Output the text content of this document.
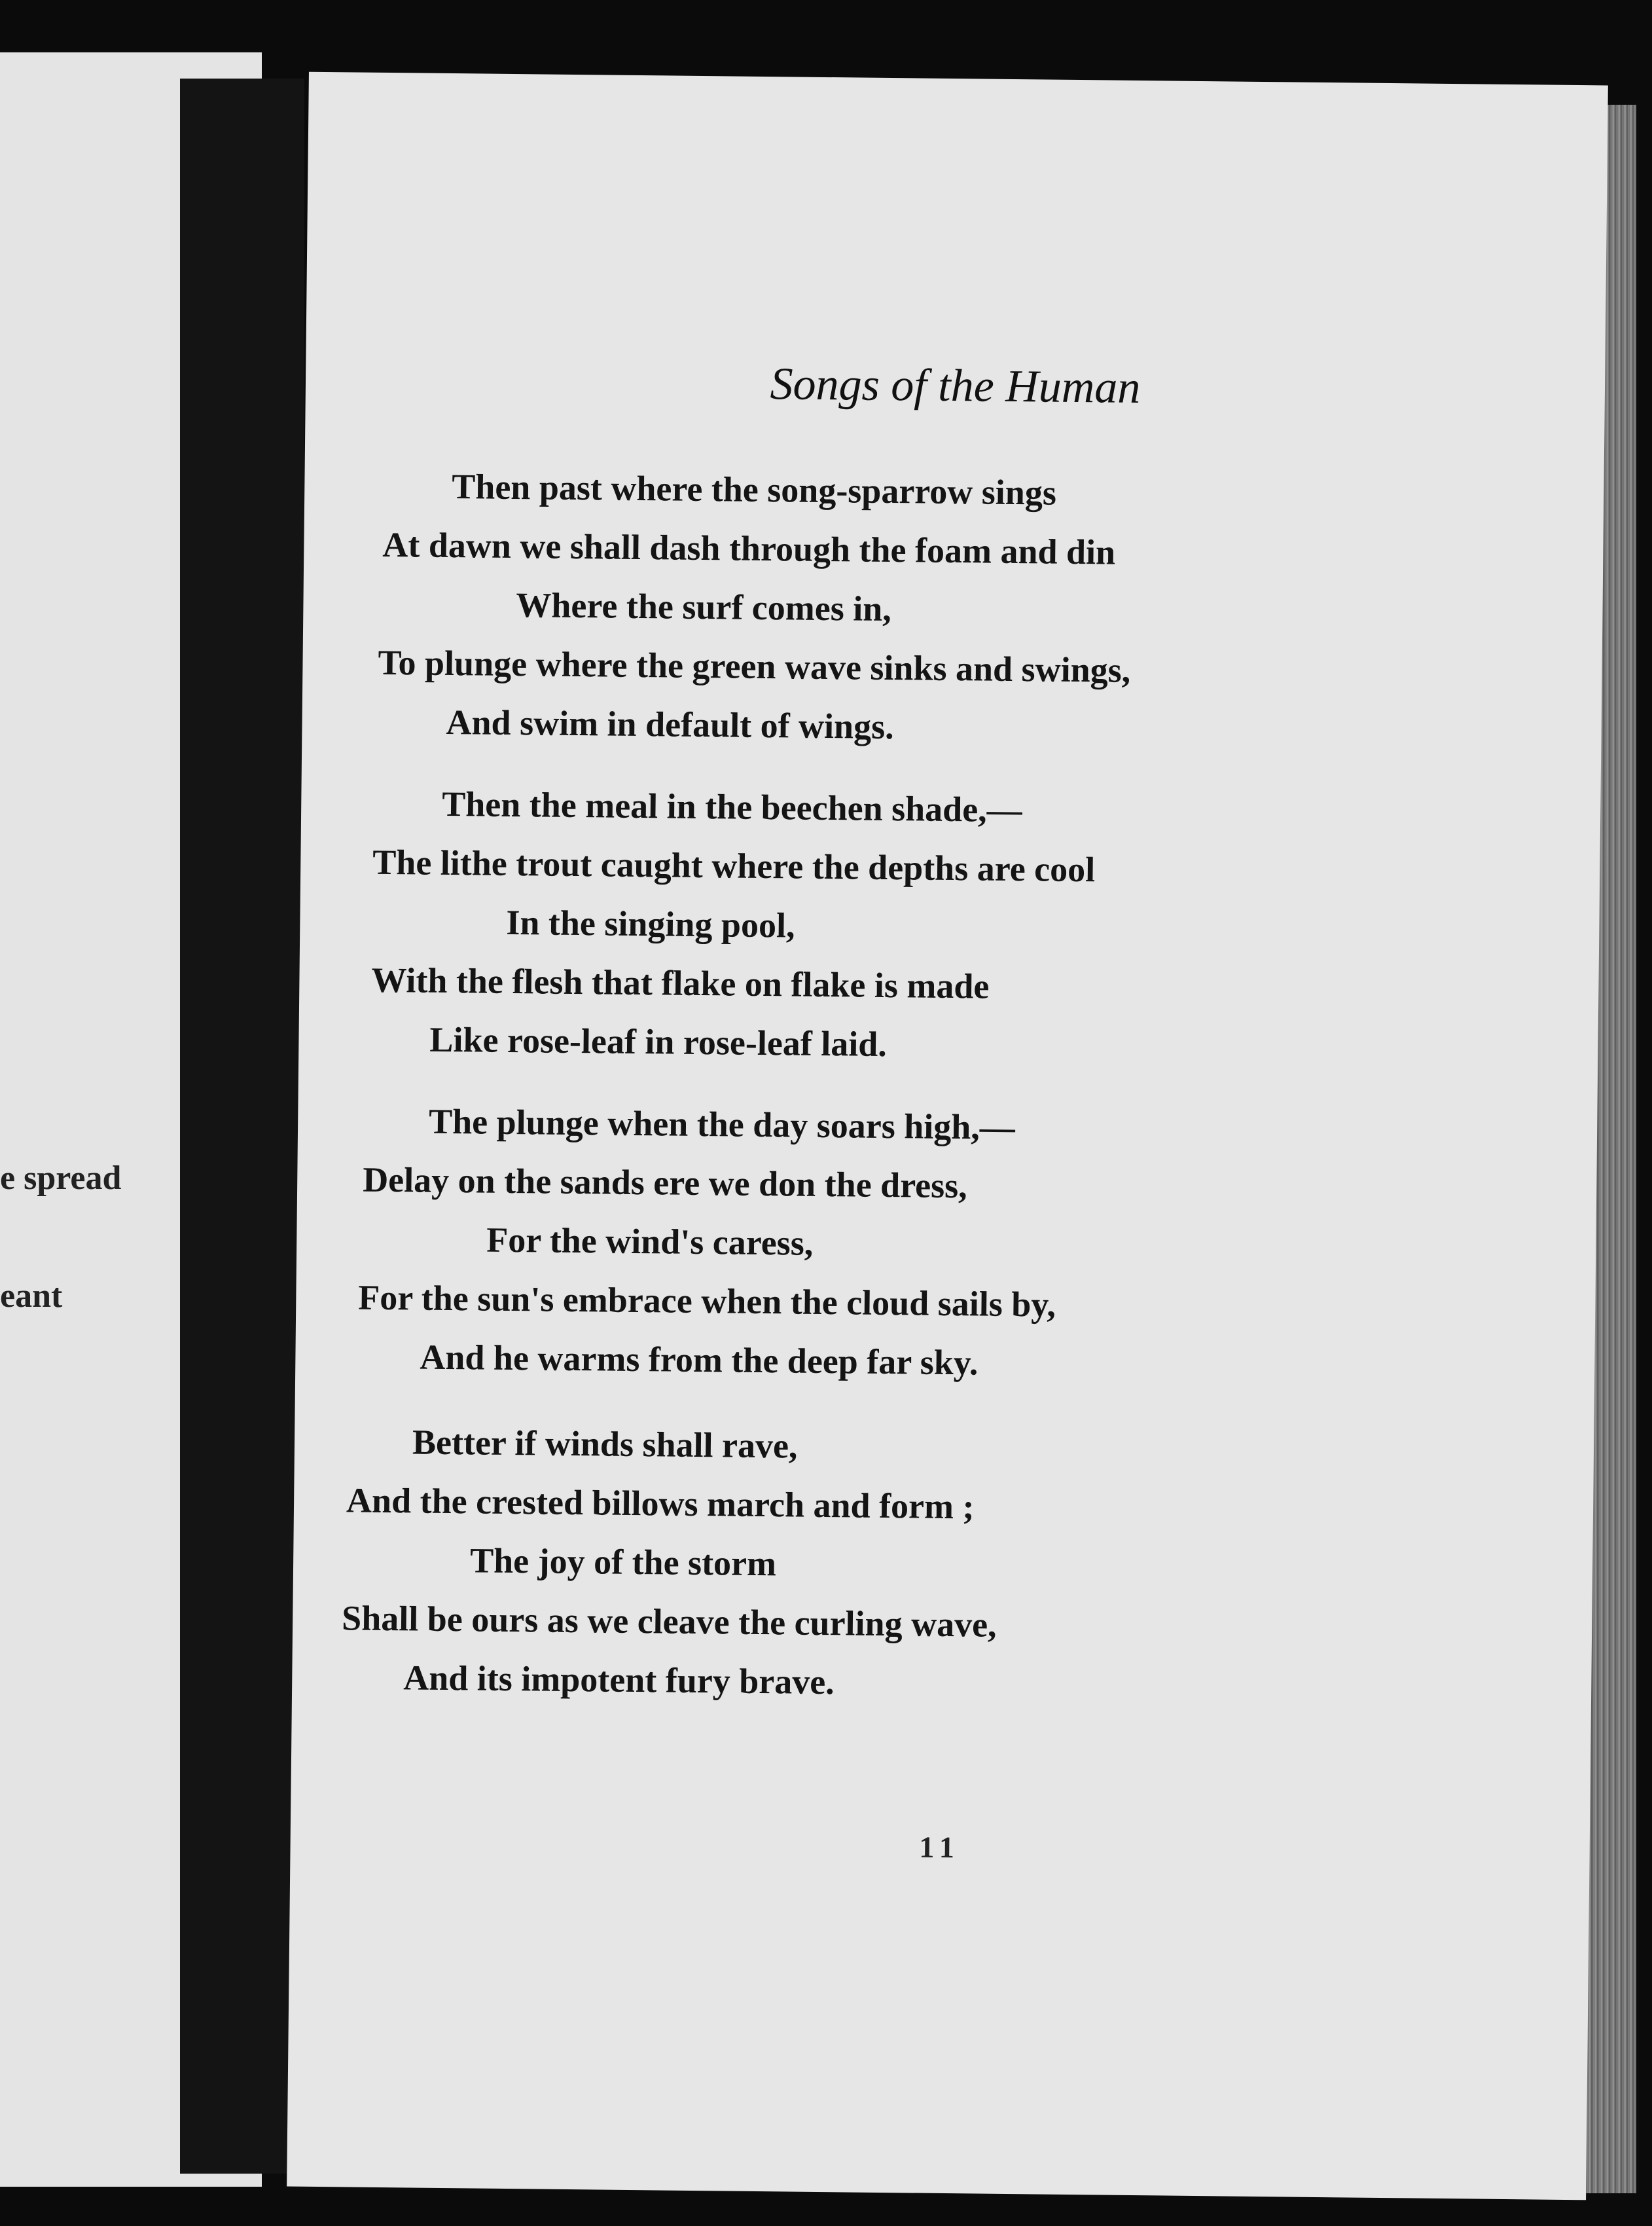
e spread
eant
Songs of the Human
Then past where the song-sparrow sings
At dawn we shall dash through the foam and din
Where the surf comes in,
To plunge where the green wave sinks and swings,
And swim in default of wings.
Then the meal in the beechen shade,—
The lithe trout caught where the depths are cool
In the singing pool,
With the flesh that flake on flake is made
Like rose-leaf in rose-leaf laid.
The plunge when the day soars high,—
Delay on the sands ere we don the dress,
For the wind's caress,
For the sun's embrace when the cloud sails by,
And he warms from the deep far sky.
Better if winds shall rave,
And the crested billows march and form ;
The joy of the storm
Shall be ours as we cleave the curling wave,
And its impotent fury brave.
11
